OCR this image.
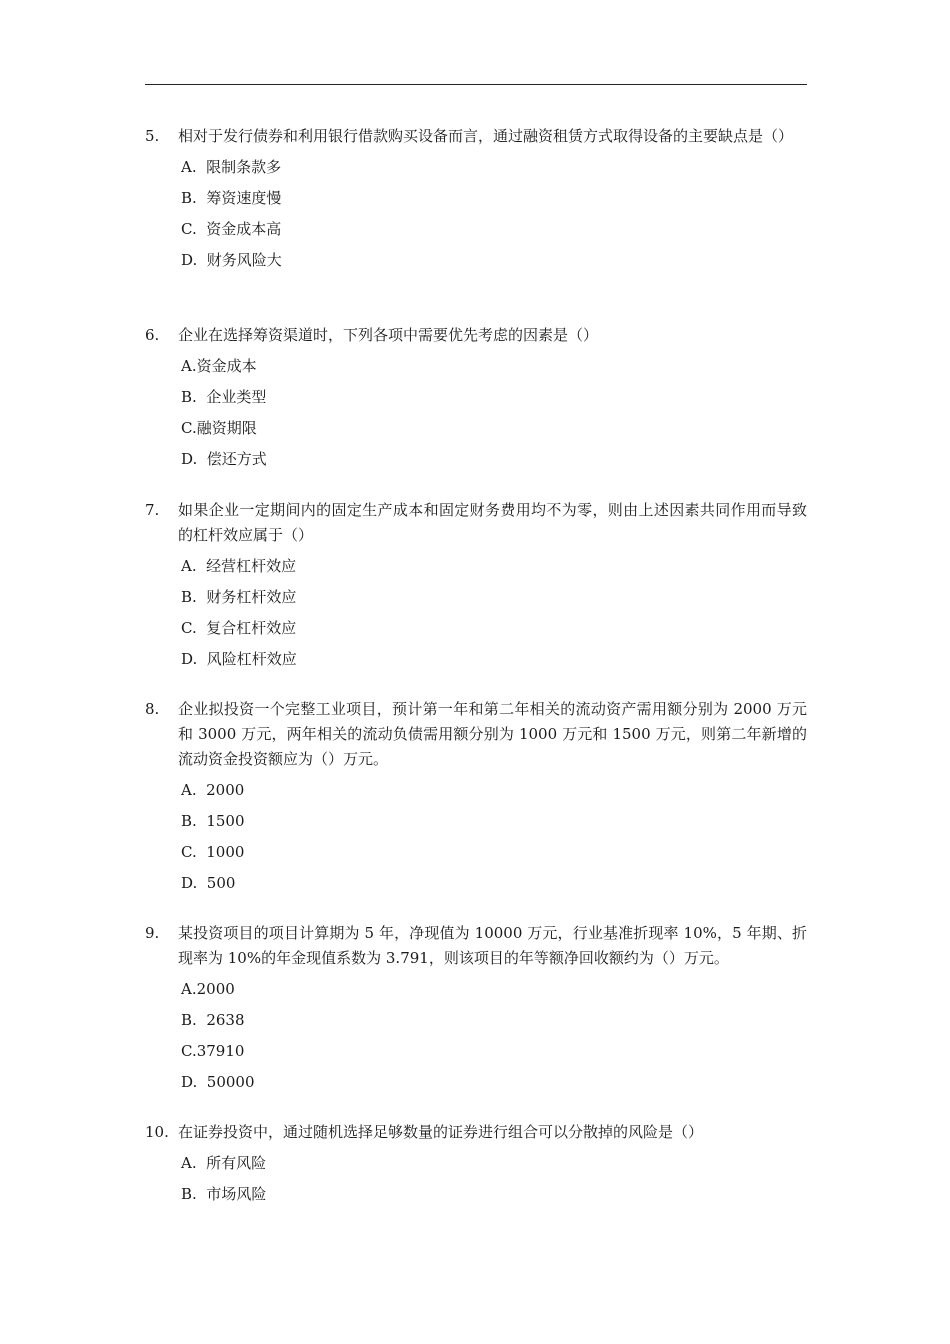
5.	相对于发行债券和利用银行借款购买设备而言，通过融资租赁方式取得设备的主要缺点是（）
A.  限制条款多
B.  筹资速度慢
C.  资金成本高
D.  财务风险大
6.	企业在选择筹资渠道时，下列各项中需要优先考虑的因素是（）
A.资金成本
B.  企业类型
C.融资期限
D.  偿还方式
7.	如果企业一定期间内的固定生产成本和固定财务费用均不为零，则由上述因素共同作用而导致的杠杆效应属于（）
A.  经营杠杆效应
B.  财务杠杆效应
C.  复合杠杆效应
D.  风险杠杆效应
8.	企业拟投资一个完整工业项目，预计第一年和第二年相关的流动资产需用额分别为 2000 万元和 3000 万元，两年相关的流动负债需用额分别为 1000 万元和 1500 万元，则第二年新增的流动资金投资额应为（）万元。
A.  2000
B.  1500
C.  1000
D.  500
9.	某投资项目的项目计算期为 5 年，净现值为 10000 万元，行业基准折现率 10%，5 年期、折现率为 10%的年金现值系数为 3.791，则该项目的年等额净回收额约为（）万元。
A.2000
B.  2638
C.37910
D.  50000
10. 在证券投资中，通过随机选择足够数量的证券进行组合可以分散掉的风险是（）
A.  所有风险
B.  市场风险
